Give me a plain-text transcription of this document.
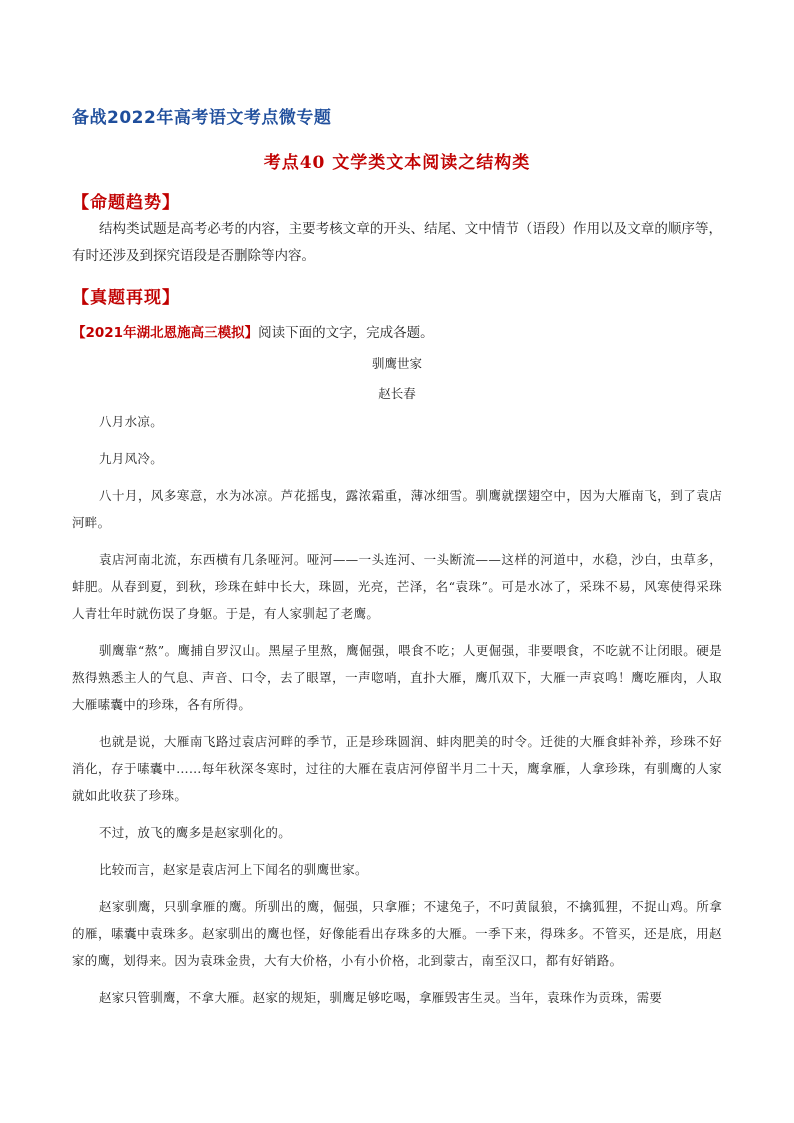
备战2022年高考语文考点微专题
考点40 文学类文本阅读之结构类
【命题趋势】
结构类试题是高考必考的内容，主要考核文章的开头、结尾、文中情节（语段）作用以及文章的顺序等，有时还涉及到探究语段是否删除等内容。
【真题再现】
【2021年湖北恩施高三模拟】阅读下面的文字，完成各题。
驯鹰世家
赵长春

八月水凉。

九月风冷。

八十月，风多寒意，水为冰凉。芦花摇曳，露浓霜重，薄冰细雪。驯鹰就摆翅空中，因为大雁南飞，到了袁店河畔。

袁店河南北流，东西横有几条哑河。哑河——一头连河、一头断流——这样的河道中，水稳，沙白，虫草多，蚌肥。从春到夏，到秋，珍珠在蚌中长大，珠圆，光亮，芒泽，名“袁珠”。可是水冰了，采珠不易，风寒使得采珠人青壮年时就伤误了身躯。于是，有人家驯起了老鹰。

驯鹰靠“熬”。鹰捕自罗汉山。黑屋子里熬，鹰倔强，喂食不吃；人更倔强，非要喂食，不吃就不让闭眼。硬是熬得熟悉主人的气息、声音、口令，去了眼罩，一声唿哨，直扑大雁，鹰爪双下，大雁一声哀鸣！鹰吃雁肉，人取大雁嗉囊中的珍珠，各有所得。

也就是说，大雁南飞路过袁店河畔的季节，正是珍珠圆润、蚌肉肥美的时令。迁徙的大雁食蚌补养，珍珠不好消化，存于嗉囊中……每年秋深冬寒时，过往的大雁在袁店河停留半月二十天，鹰拿雁，人拿珍珠，有驯鹰的人家就如此收获了珍珠。

不过，放飞的鹰多是赵家驯化的。

比较而言，赵家是袁店河上下闻名的驯鹰世家。

赵家驯鹰，只驯拿雁的鹰。所驯出的鹰，倔强，只拿雁；不逮兔子，不叼黄鼠狼，不擒狐狸，不捉山鸡。所拿的雁，嗉囊中袁珠多。赵家驯出的鹰也怪，好像能看出存珠多的大雁。一季下来，得珠多。不管买，还是底，用赵家的鹰，划得来。因为袁珠金贵，大有大价格，小有小价格，北到蒙古，南至汉口，都有好销路。

赵家只管驯鹰，不拿大雁。赵家的规矩，驯鹰足够吃喝，拿雁毁害生灵。当年，袁珠作为贡珠，需要
